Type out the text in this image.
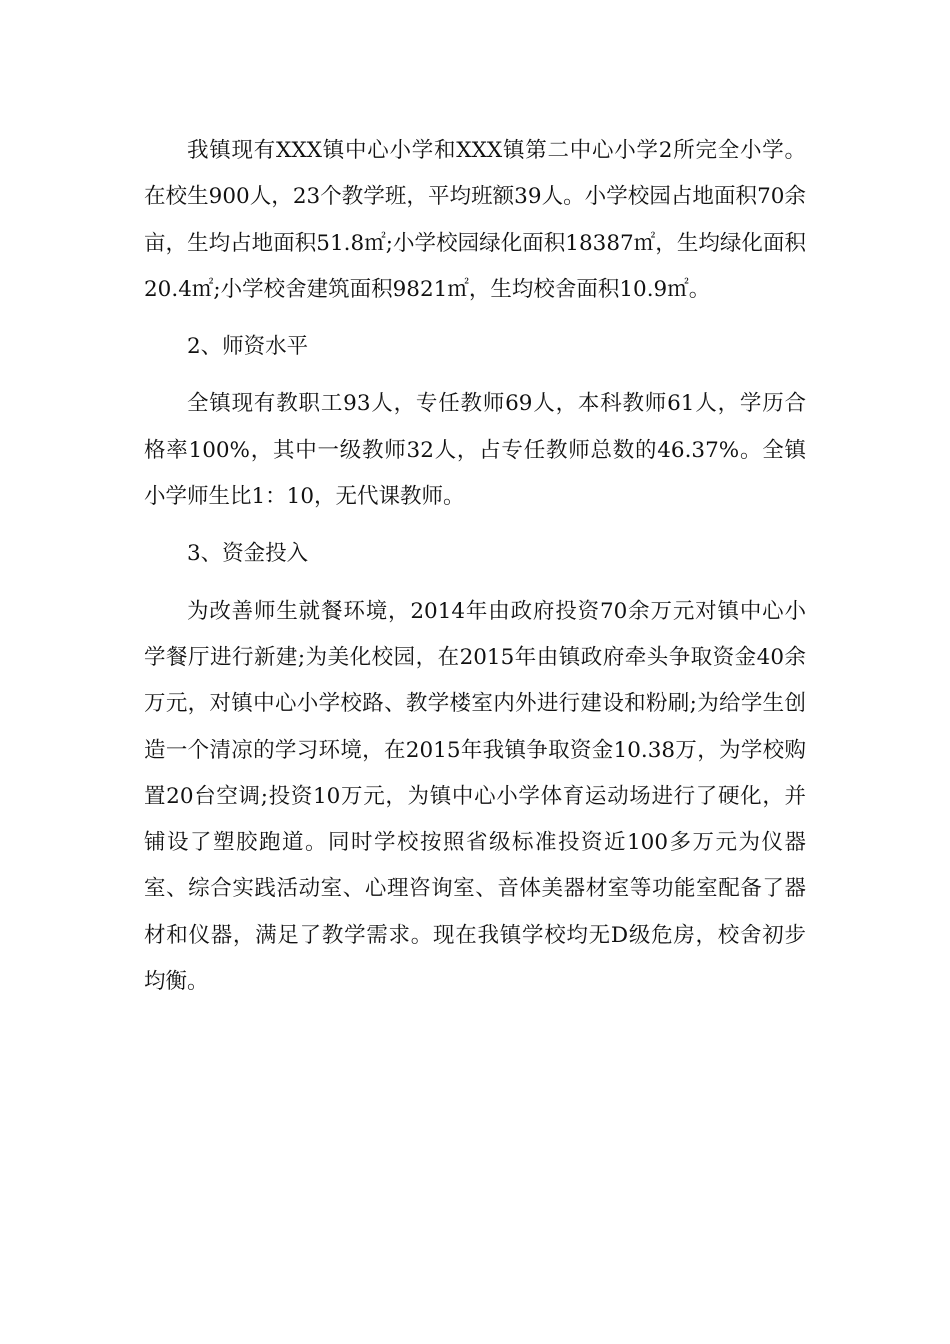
我镇现有XXX镇中心小学和XXX镇第二中心小学2所完全小学。在校生900人，23个教学班，平均班额39人。小学校园占地面积70余亩，生均占地面积51.8㎡;小学校园绿化面积18387㎡，生均绿化面积20.4㎡;小学校舍建筑面积9821㎡，生均校舍面积10.9㎡。

2、师资水平

全镇现有教职工93人，专任教师69人，本科教师61人，学历合格率100%，其中一级教师32人，占专任教师总数的46.37%。全镇小学师生比1：10，无代课教师。

3、资金投入

为改善师生就餐环境，2014年由政府投资70余万元对镇中心小学餐厅进行新建;为美化校园，在2015年由镇政府牵头争取资金40余万元，对镇中心小学校路、教学楼室内外进行建设和粉刷;为给学生创造一个清凉的学习环境，在2015年我镇争取资金10.38万，为学校购置20台空调;投资10万元，为镇中心小学体育运动场进行了硬化，并铺设了塑胶跑道。同时学校按照省级标准投资近100多万元为仪器室、综合实践活动室、心理咨询室、音体美器材室等功能室配备了器材和仪器，满足了教学需求。现在我镇学校均无D级危房，校舍初步均衡。
